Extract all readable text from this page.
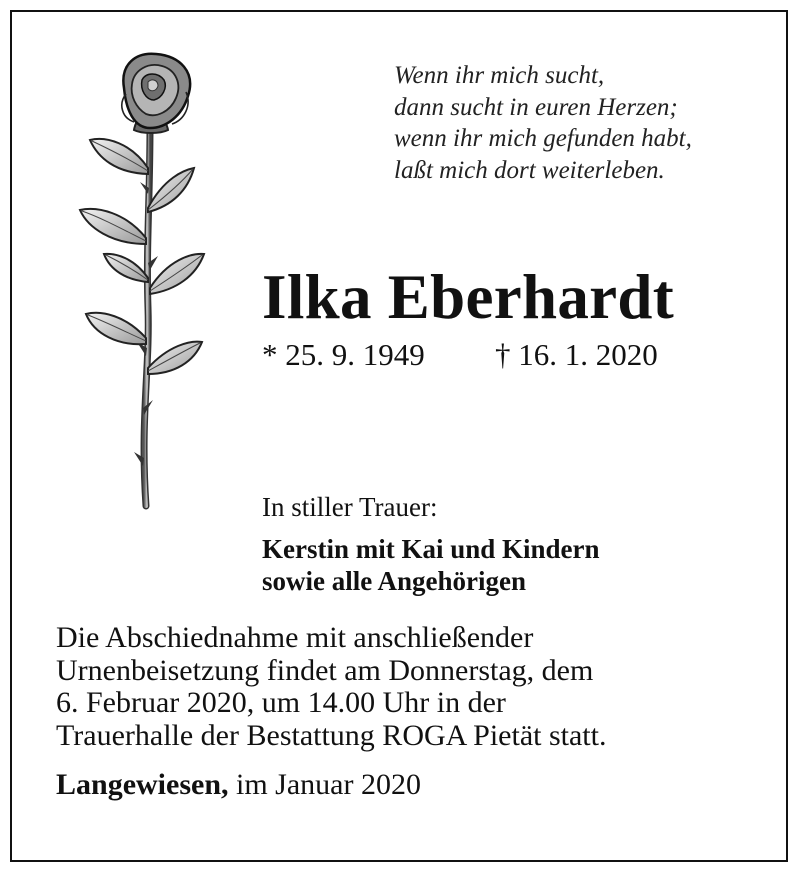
Wenn ihr mich sucht,
dann sucht in euren Herzen;
wenn ihr mich gefunden habt,
laßt mich dort weiterleben.
Ilka Eberhardt
* 25. 9. 1949 † 16. 1. 2020
In stiller Trauer:
Kerstin mit Kai und Kindern
sowie alle Angehörigen
Die Abschiednahme mit anschließender
Urnenbeisetzung findet am Donnerstag, dem
6. Februar 2020, um 14.00 Uhr in der
Trauerhalle der Bestattung ROGA Pietät statt.
Langewiesen, im Januar 2020
